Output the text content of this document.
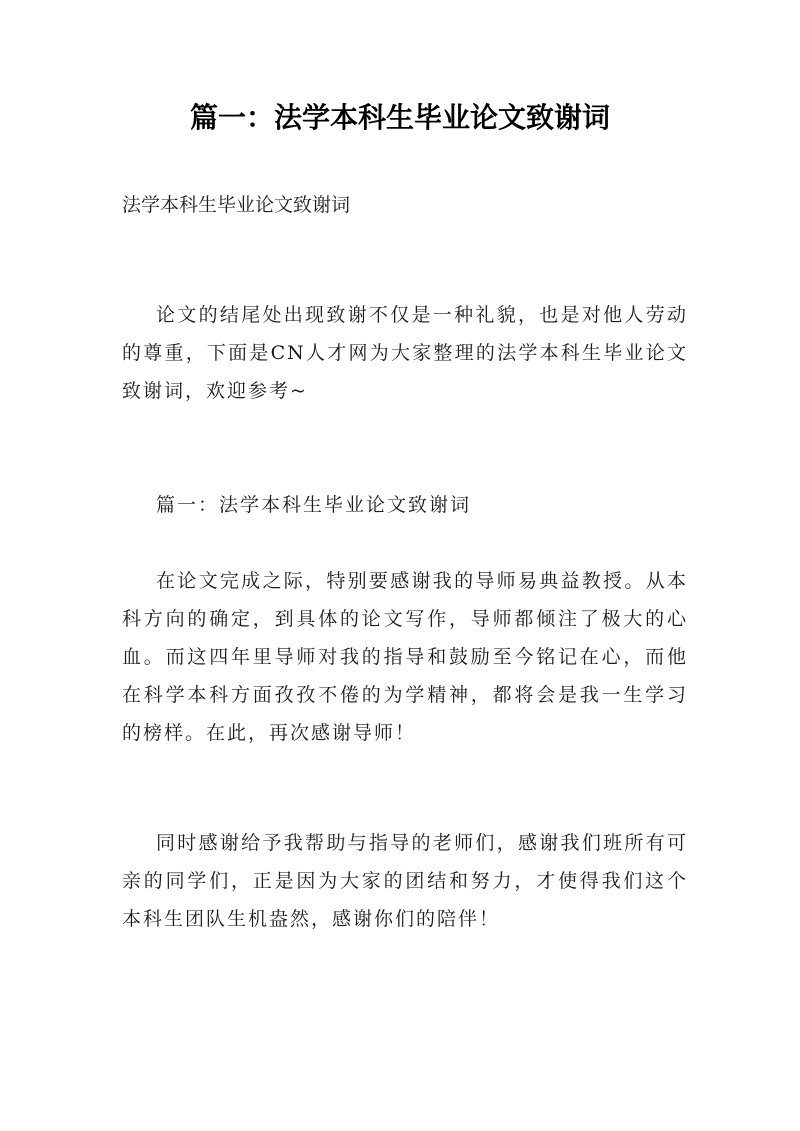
篇一：法学本科生毕业论文致谢词
法学本科生毕业论文致谢词
论文的结尾处出现致谢不仅是一种礼貌，也是对他人劳动的尊重，下面是CN人才网为大家整理的法学本科生毕业论文致谢词，欢迎参考~
篇一：法学本科生毕业论文致谢词
在论文完成之际，特别要感谢我的导师易典益教授。从本科方向的确定，到具体的论文写作，导师都倾注了极大的心血。而这四年里导师对我的指导和鼓励至今铭记在心，而他在科学本科方面孜孜不倦的为学精神，都将会是我一生学习的榜样。在此，再次感谢导师！
同时感谢给予我帮助与指导的老师们，感谢我们班所有可亲的同学们，正是因为大家的团结和努力，才使得我们这个本科生团队生机盎然，感谢你们的陪伴！
